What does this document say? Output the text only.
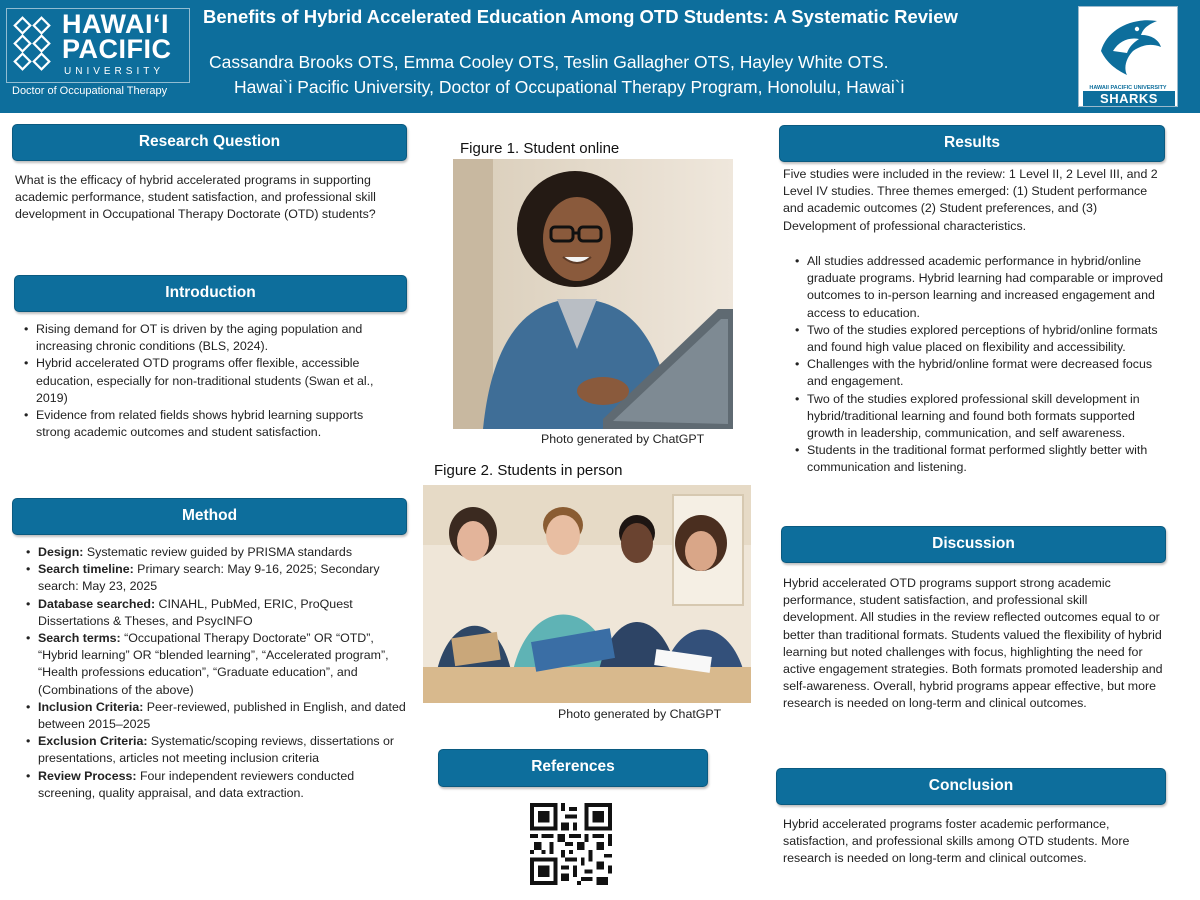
HAWAIʻI
PACIFIC
UNIVERSITY
Doctor of Occupational Therapy
Benefits of Hybrid Accelerated Education Among OTD Students: A Systematic Review
Cassandra Brooks OTS, Emma Cooley OTS, Teslin Gallagher OTS, Hayley White OTS.
Hawai`i Pacific University, Doctor of Occupational Therapy Program, Honolulu, Hawai`i	HAWAII PACIFIC UNIVERSITY
SHARKS
Research Question
What is the efficacy of hybrid accelerated programs in supporting academic performance, student satisfaction, and professional skill development in Occupational Therapy Doctorate (OTD) students?
Introduction
• Rising demand for OT is driven by the aging population and increasing chronic conditions (BLS, 2024).
• Hybrid accelerated OTD programs offer flexible, accessible education, especially for non-traditional students (Swan et al., 2019)
• Evidence from related fields shows hybrid learning supports strong academic outcomes and student satisfaction.
Method
• Design: Systematic review guided by PRISMA standards
• Search timeline: Primary search: May 9-16, 2025; Secondary search: May 23, 2025
• Database searched: CINAHL, PubMed, ERIC, ProQuest Dissertations & Theses, and PsycINFO
• Search terms: “Occupational Therapy Doctorate” OR “OTD”, “Hybrid learning” OR “blended learning”, “Accelerated program”, “Health professions education”, “Graduate education”, and (Combinations of the above)
• Inclusion Criteria: Peer-reviewed, published in English, and dated between 2015–2025
• Exclusion Criteria: Systematic/scoping reviews, dissertations or presentations, articles not meeting inclusion criteria
• Review Process: Four independent reviewers conducted screening, quality appraisal, and data extraction.
Figure 1. Student online
Photo generated by ChatGPT
Figure 2. Students in person
Photo generated by ChatGPT
References
Results
Five studies were included in the review: 1 Level II, 2 Level III, and 2 Level IV studies. Three themes emerged: (1) Student performance and academic outcomes (2) Student preferences, and (3) Development of professional characteristics.
• All studies addressed academic performance in hybrid/online graduate programs. Hybrid learning had comparable or improved outcomes to in-person learning and increased engagement and access to education.
• Two of the studies explored perceptions of hybrid/online formats and found high value placed on flexibility and accessibility.
• Challenges with the hybrid/online format were decreased focus and engagement.
• Two of the studies explored professional skill development in hybrid/traditional learning and found both formats supported growth in leadership, communication, and self awareness.
• Students in the traditional format performed slightly better with communication and listening.
Discussion
Hybrid accelerated OTD programs support strong academic performance, student satisfaction, and professional skill development. All studies in the review reflected outcomes equal to or better than traditional formats. Students valued the flexibility of hybrid learning but noted challenges with focus, highlighting the need for active engagement strategies. Both formats promoted leadership and self-awareness. Overall, hybrid programs appear effective, but more research is needed on long-term and clinical outcomes.
Conclusion
Hybrid accelerated programs foster academic performance, satisfaction, and professional skills among OTD students. More research is needed on long-term and clinical outcomes.
